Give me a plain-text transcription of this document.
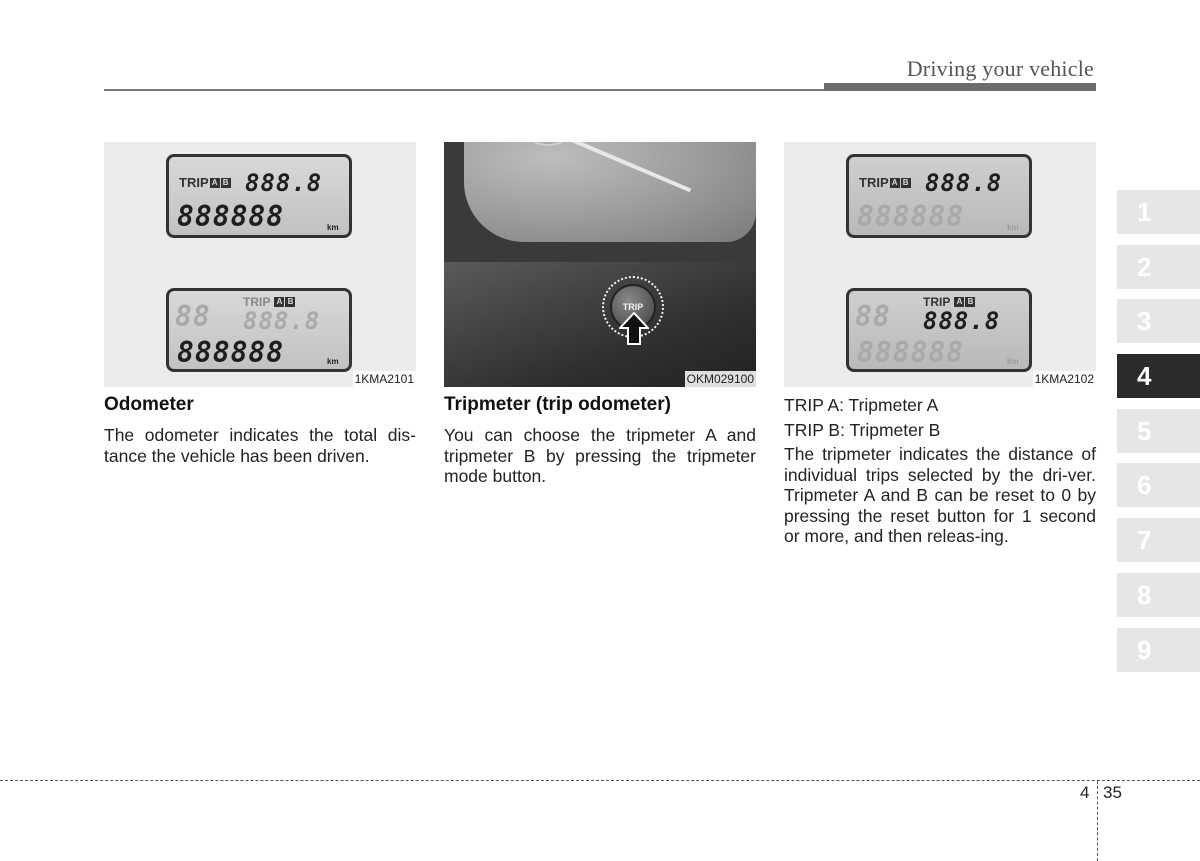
Driving your vehicle
TRIP A B 888.8
888888	km
88	TRIP A B
888.8
888888	km
1KMA2101
TRIP
OKM029100
TRIP A B 888.8
888888	km
88	TRIP A B
888.8
888888	km
1KMA2102
Odometer

The odometer indicates the total dis-tance the vehicle has been driven.

Tripmeter (trip odometer)

You can choose the tripmeter A and tripmeter B by pressing the tripmeter mode button.

TRIP A: Tripmeter A

TRIP B: Tripmeter B

The tripmeter indicates the distance of individual trips selected by the dri-ver. Tripmeter A and B can be reset to 0 by pressing the reset button for 1 second or more, and then releas-ing.

1
2
3
4
5
6
7
8
9
4 35
